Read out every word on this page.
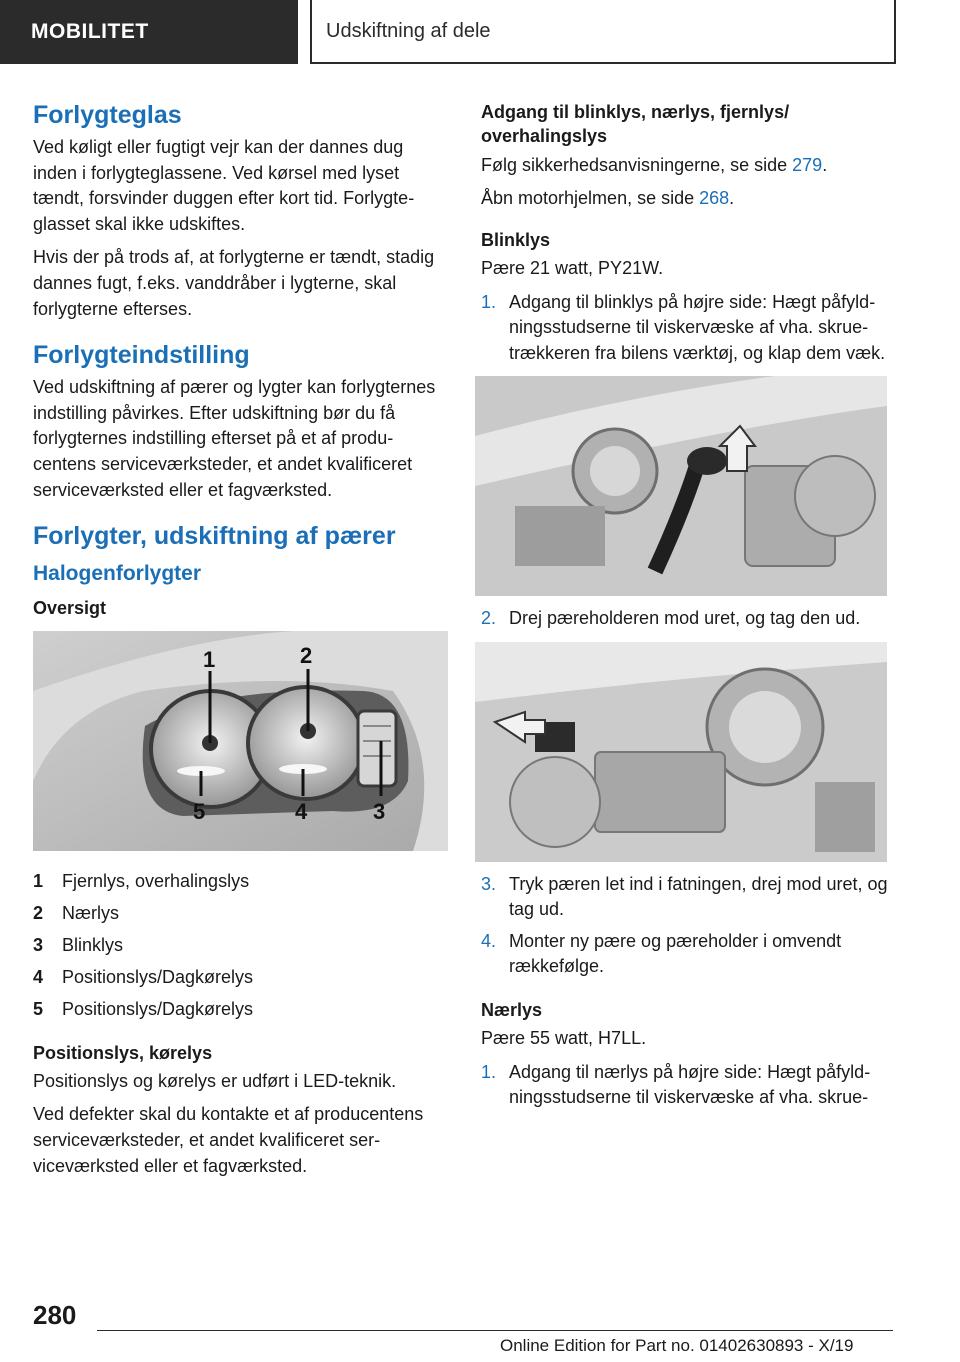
MOBILITET	Udskiftning af dele
Forlygteglas

Ved køligt eller fugtigt vejr kan der dannes dug inden i forlygteglassene. Ved kørsel med lyset tændt, forsvinder duggen efter kort tid. Forlygteglasset skal ikke udskiftes.

Hvis der på trods af, at forlygterne er tændt, stadig dannes fugt, f.eks. vanddråber i lygterne, skal forlygterne efterses.

Forlygteindstilling

Ved udskiftning af pærer og lygter kan forlygternes indstilling påvirkes. Efter udskiftning bør du få forlygternes indstilling efterset på et af producentens serviceværksteder, et andet kvalificeret serviceværksted eller et fagværksted.

Forlygter, udskiftning af pærer
Halogenforlygter
Oversigt
1	2
3
4
5
1	Fjernlys, overhalingslys
2	Nærlys
3	Blinklys
4	Positionslys/Dagkørelys
5	Positionslys/Dagkørelys
Positionslys, kørelys

Positionslys og kørelys er udført i LED-teknik.

Ved defekter skal du kontakte et af producentens serviceværksteder, et andet kvalificeret serviceværksted eller et fagværksted.

Adgang til blinklys, nærlys, fjernlys/ overhalingslys

Følg sikkerhedsanvisningerne, se side 279.

Åbn motorhjelmen, se side 268.

Blinklys

Pære 21 watt, PY21W.

1. Adgang til blinklys på højre side: Hægt påfyldningsstudserne til viskervæske af vha. skruetrækkeren fra bilens værktøj, og klap dem væk.
2. Drej pæreholderen mod uret, og tag den ud.
3. Tryk pæren let ind i fatningen, drej mod uret, og tag ud.
4. Monter ny pære og pæreholder i omvendt rækkefølge.
Nærlys

Pære 55 watt, H7LL.

1. Adgang til nærlys på højre side: Hægt påfyldningsstudserne til viskervæske af vha. skrue-
280
Online Edition for Part no. 01402630893 - X/19
